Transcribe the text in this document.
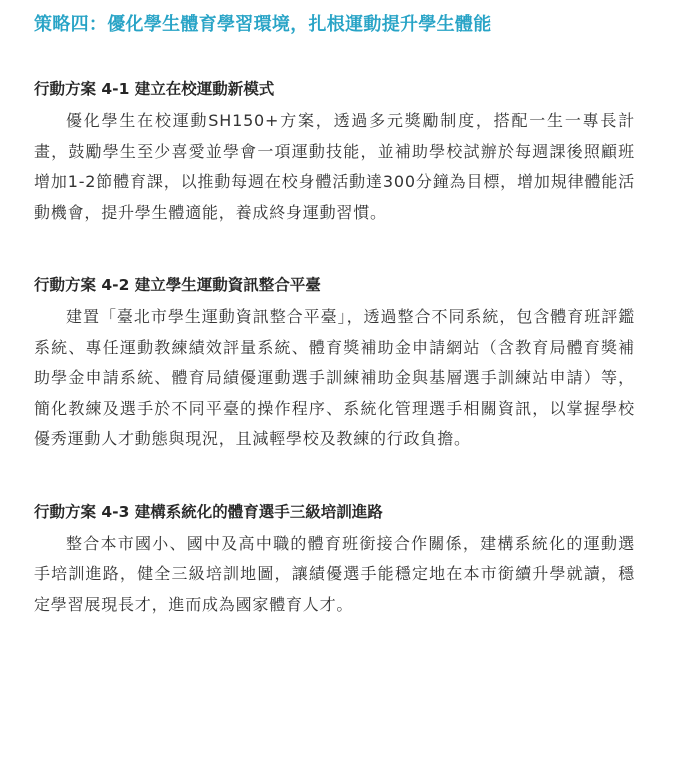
策略四：優化學生體育學習環境，扎根運動提升學生體能
行動方案 4-1 建立在校運動新模式

優化學生在校運動SH150+方案，透過多元獎勵制度，搭配一生一專長計畫，鼓勵學生至少喜愛並學會一項運動技能，並補助學校試辦於每週課後照顧班增加1-2節體育課，以推動每週在校身體活動達300分鐘為目標，增加規律體能活動機會，提升學生體適能，養成終身運動習慣。

行動方案 4-2 建立學生運動資訊整合平臺

建置「臺北市學生運動資訊整合平臺」，透過整合不同系統，包含體育班評鑑系統、專任運動教練績效評量系統、體育獎補助金申請網站（含教育局體育獎補助學金申請系統、體育局績優運動選手訓練補助金與基層選手訓練站申請）等，簡化教練及選手於不同平臺的操作程序、系統化管理選手相關資訊，以掌握學校優秀運動人才動態與現況，且減輕學校及教練的行政負擔。

行動方案 4-3 建構系統化的體育選手三級培訓進路

整合本市國小、國中及高中職的體育班銜接合作關係，建構系統化的運動選手培訓進路，健全三級培訓地圖，讓績優選手能穩定地在本市銜續升學就讀，穩定學習展現長才，進而成為國家體育人才。
